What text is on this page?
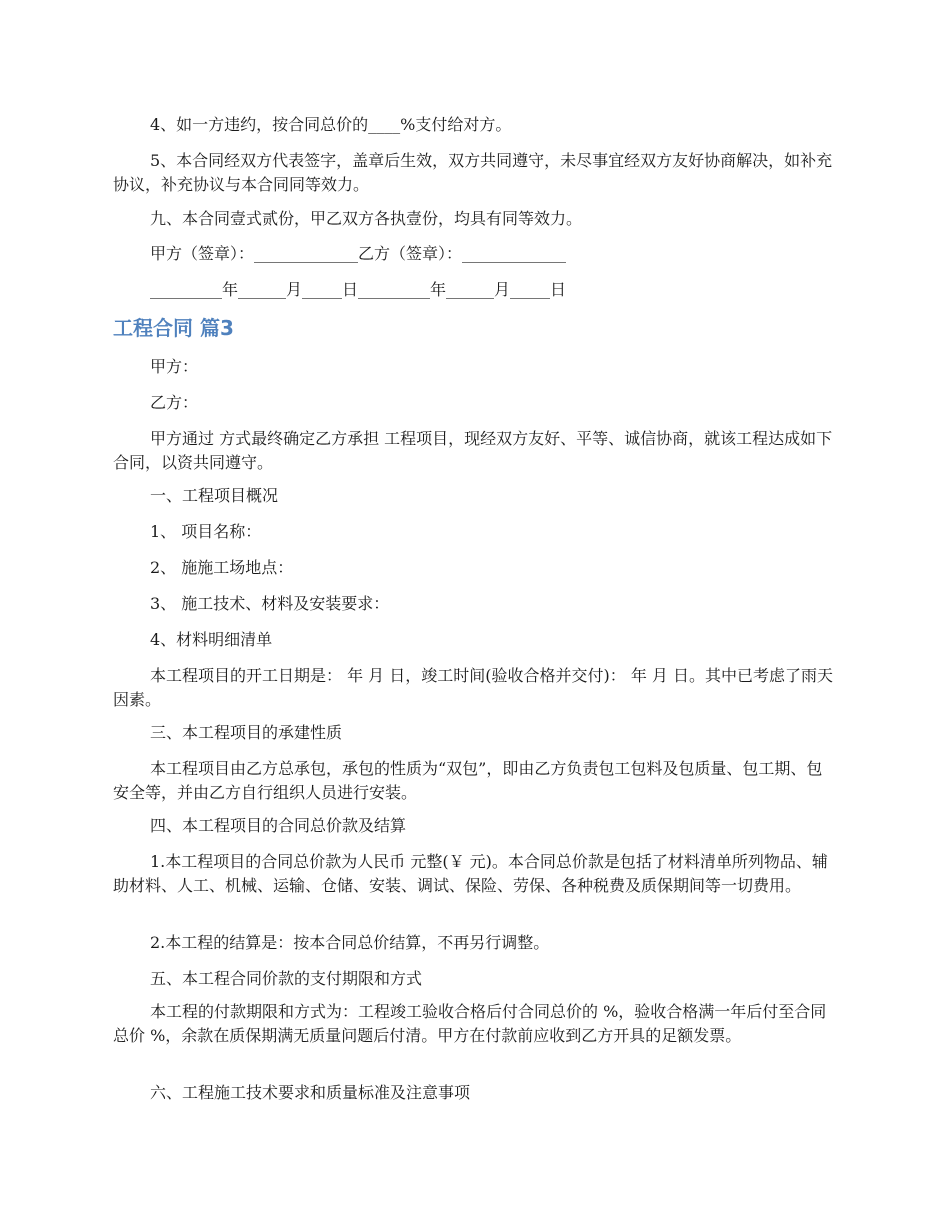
4、如一方违约，按合同总价的____%支付给对方。

5、本合同经双方代表签字，盖章后生效，双方共同遵守，未尽事宜经双方友好协商解决，如补充协议，补充协议与本合同同等效力。

九、本合同壹式贰份，甲乙双方各执壹份，均具有同等效力。

甲方（签章）：_____________乙方（签章）：_____________

_________年______月_____日_________年______月_____日

工程合同 篇3

甲方：

乙方：

甲方通过 方式最终确定乙方承担 工程项目，现经双方友好、平等、诚信协商，就该工程达成如下合同，以资共同遵守。

一、工程项目概况

1、 项目名称：

2、 施施工场地点：

3、 施工技术、材料及安装要求：

4、材料明细清单

本工程项目的开工日期是： 年 月 日，竣工时间(验收合格并交付)： 年 月 日。其中已考虑了雨天因素。

三、本工程项目的承建性质

本工程项目由乙方总承包，承包的性质为“双包”，即由乙方负责包工包料及包质量、包工期、包安全等，并由乙方自行组织人员进行安装。

四、本工程项目的合同总价款及结算

1.本工程项目的合同总价款为人民币 元整(￥ 元)。本合同总价款是包括了材料清单所列物品、辅助材料、人工、机械、运输、仓储、安装、调试、保险、劳保、各种税费及质保期间等一切费用。

2.本工程的结算是：按本合同总价结算，不再另行调整。

五、本工程合同价款的支付期限和方式

本工程的付款期限和方式为：工程竣工验收合格后付合同总价的 %，验收合格满一年后付至合同总价 %，余款在质保期满无质量问题后付清。甲方在付款前应收到乙方开具的足额发票。

六、工程施工技术要求和质量标准及注意事项
